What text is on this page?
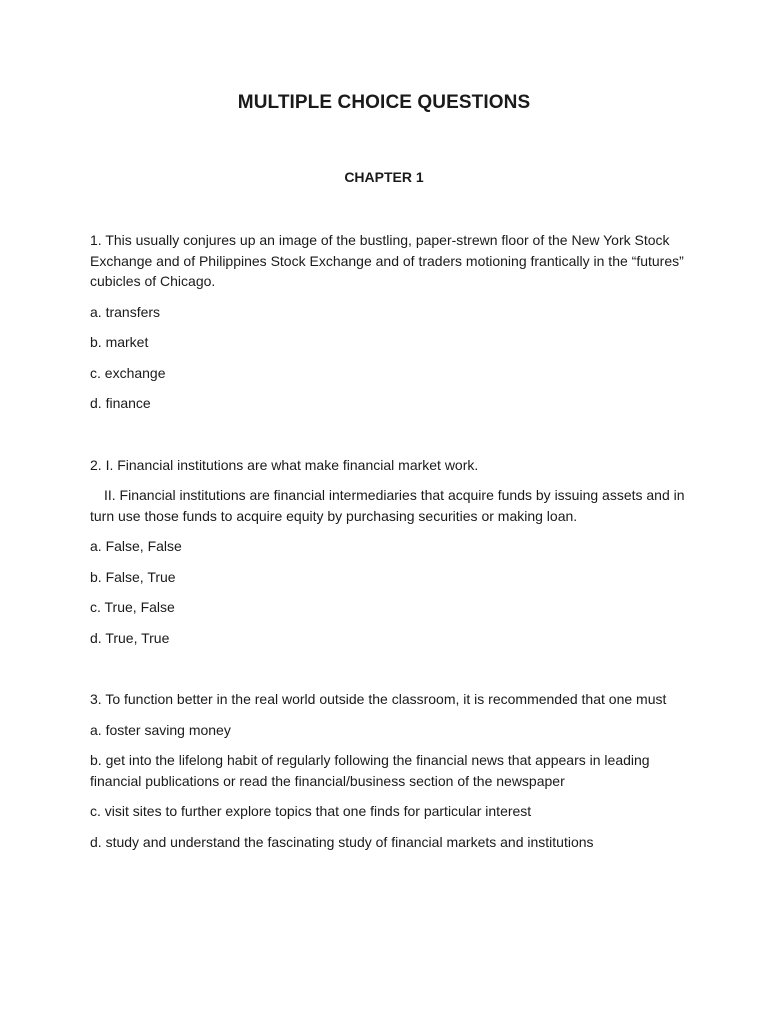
MULTIPLE CHOICE QUESTIONS
CHAPTER 1

1. This usually conjures up an image of the bustling, paper-strewn floor of the New York Stock Exchange and of Philippines Stock Exchange and of traders motioning frantically in the “futures” cubicles of Chicago.

a. transfers

b. market

c. exchange

d. finance

2. I. Financial institutions are what make financial market work.

II. Financial institutions are financial intermediaries that acquire funds by issuing assets and in turn use those funds to acquire equity by purchasing securities or making loan.

a. False, False

b. False, True

c. True, False

d. True, True

3. To function better in the real world outside the classroom, it is recommended that one must

a. foster saving money

b. get into the lifelong habit of regularly following the financial news that appears in leading financial publications or read the financial/business section of the newspaper

c. visit sites to further explore topics that one finds for particular interest

d. study and understand the fascinating study of financial markets and institutions
